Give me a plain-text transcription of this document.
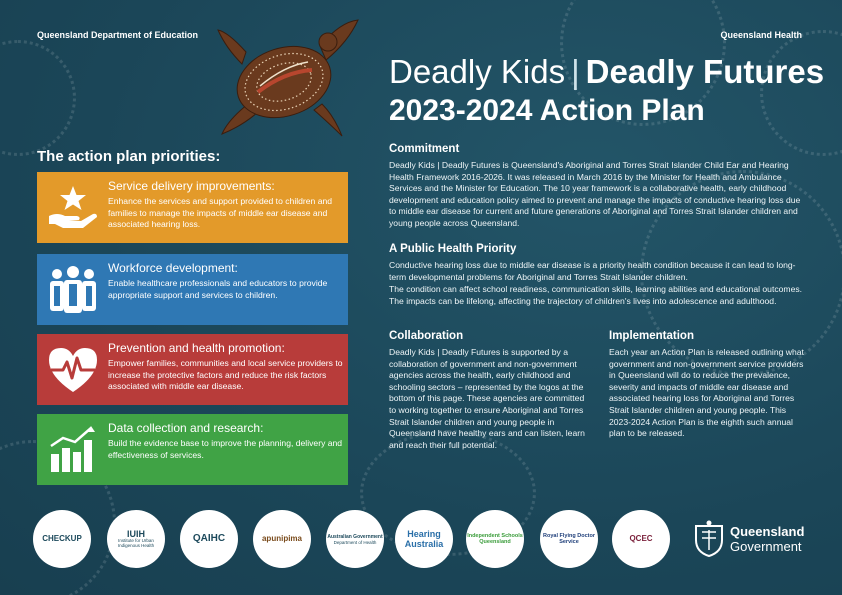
Queensland Department of Education	Queensland Health
Deadly Kids | Deadly Futures
2023-2024 Action Plan
The action plan priorities:
Service delivery improvements:
Enhance the services and support provided to children and families to manage the impacts of middle ear disease and associated hearing loss.
Workforce development:
Enable healthcare professionals and educators to provide appropriate support and services to children.
Prevention and health promotion:
Empower families, communities and local service providers to increase the protective factors and reduce the risk factors associated with middle ear disease.
Data collection and research:
Build the evidence base to improve the planning, delivery and effectiveness of services.
Commitment

Deadly Kids | Deadly Futures is Queensland's Aboriginal and Torres Strait Islander Child Ear and Hearing Health Framework 2016-2026. It was released in March 2016 by the Minister for Health and Ambulance Services and the Minister for Education. The 10 year framework is a collaborative health, early childhood development and education policy aimed to prevent and manage the impacts of conductive hearing loss due to middle ear disease for current and future generations of Aboriginal and Torres Strait Islander children and young people across Queensland.

A Public Health Priority

Conductive hearing loss due to middle ear disease is a priority health condition because it can lead to long-term developmental problems for Aboriginal and Torres Strait Islander children.

The condition can affect school readiness, communication skills, learning abilities and educational outcomes. The impacts can be lifelong, affecting the trajectory of children's lives into adolescence and adulthood.

Collaboration

Deadly Kids | Deadly Futures is supported by a collaboration of government and non-government agencies across the health, early childhood and schooling sectors – represented by the logos at the bottom of this page. These agencies are committed to working together to ensure Aboriginal and Torres Strait Islander children and young people in Queensland have healthy ears and can listen, learn and reach their full potential.

Implementation

Each year an Action Plan is released outlining what government and non-government service providers in Queensland will do to reduce the prevalence, severity and impacts of middle ear disease and associated hearing loss for Aboriginal and Torres Strait Islander children and young people. This 2023-2024 Action Plan is the eighth such annual plan to be released.

CHECKUP	IUIH
Institute for Urban Indigenous Health
QAIHC	apunipima	Australian Government
Department of Health
Hearing
Australia
Independent Schools
Queensland
Royal Flying Doctor Service	QCEC	Queensland
Government
